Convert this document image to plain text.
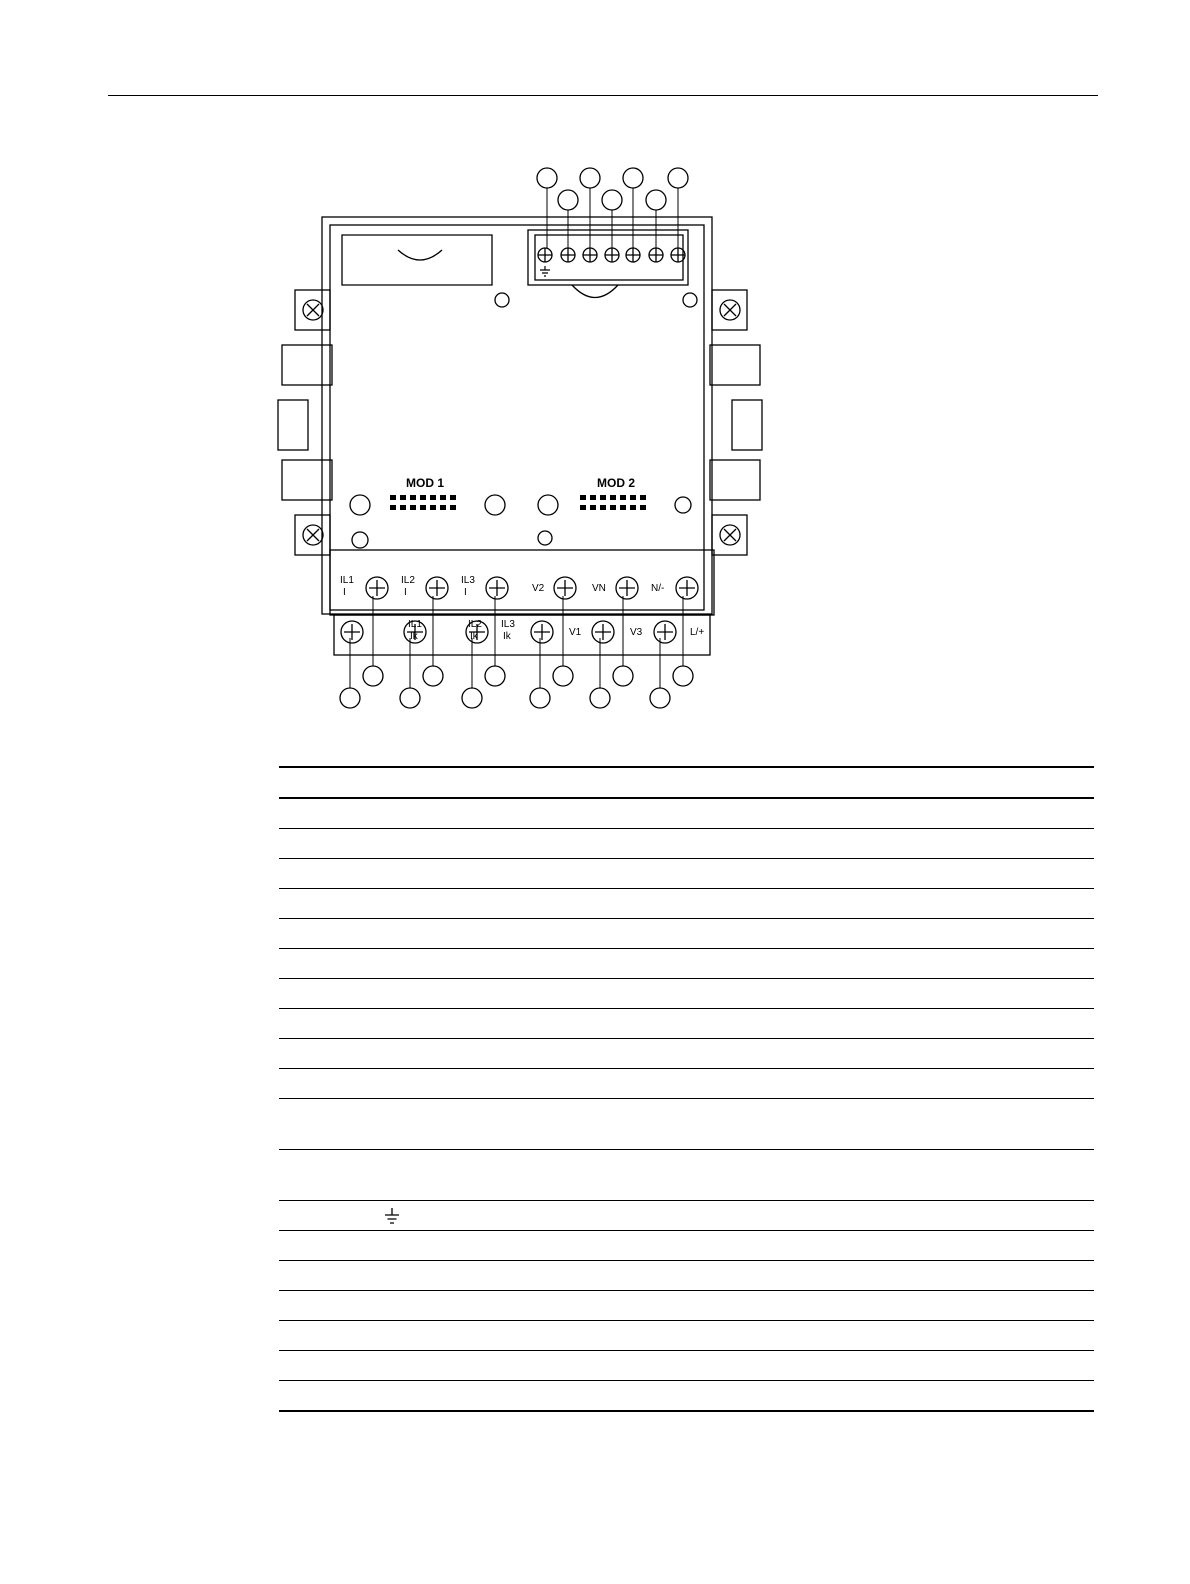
MOD 1	MOD 2
IL1
I
IL2
I
IL3
I	V2	VN	N/-
IL1
Ik
IL2
Ik
IL3
Ik	V1	V3	L/+
